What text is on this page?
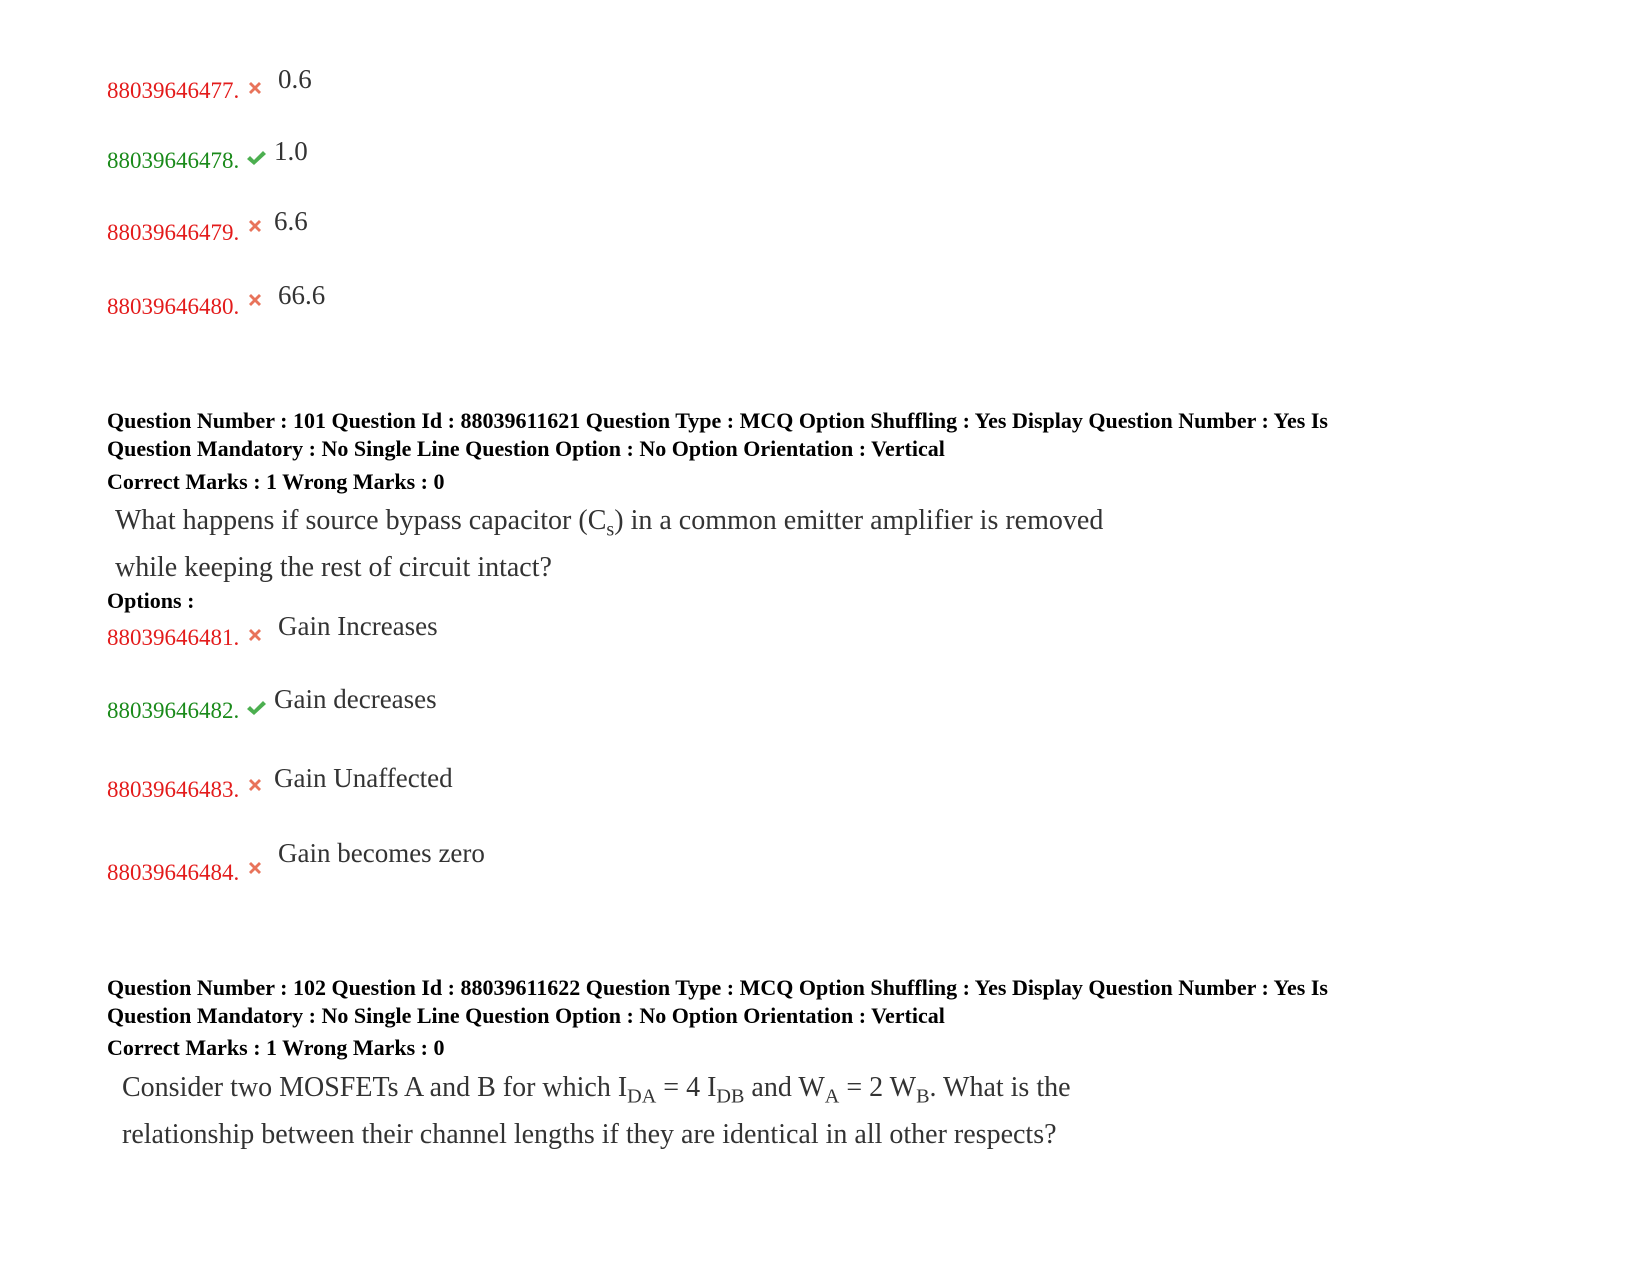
88039646477. 0.6
88039646478. 1.0
88039646479. 6.6
88039646480. 66.6
Question Number : 101 Question Id : 88039611621 Question Type : MCQ Option Shuffling : Yes Display Question Number : Yes Is
Question Mandatory : No Single Line Question Option : No Option Orientation : Vertical
Correct Marks : 1 Wrong Marks : 0
What happens if source bypass capacitor $(C_s)$ in a common emitter amplifier is removed
while keeping the rest of circuit intact?
Options :
88039646481. Gain Increases
88039646482. Gain decreases
88039646483. Gain Unaffected
88039646484.
Gain becomes zero
Question Number : 102 Question Id : 88039611622 Question Type : MCQ Option Shuffling : Yes Display Question Number : Yes Is
Question Mandatory : No Single Line Question Option : No Option Orientation : Vertical
Correct Marks : 1 Wrong Marks : 0
Consider two MOSFETs A and B for which $I_{DA} = 4$ $I_{DB}$ and $W_A = 2$ $W_B$. What is the
relationship between their channel lengths if they are identical in all other respects?
